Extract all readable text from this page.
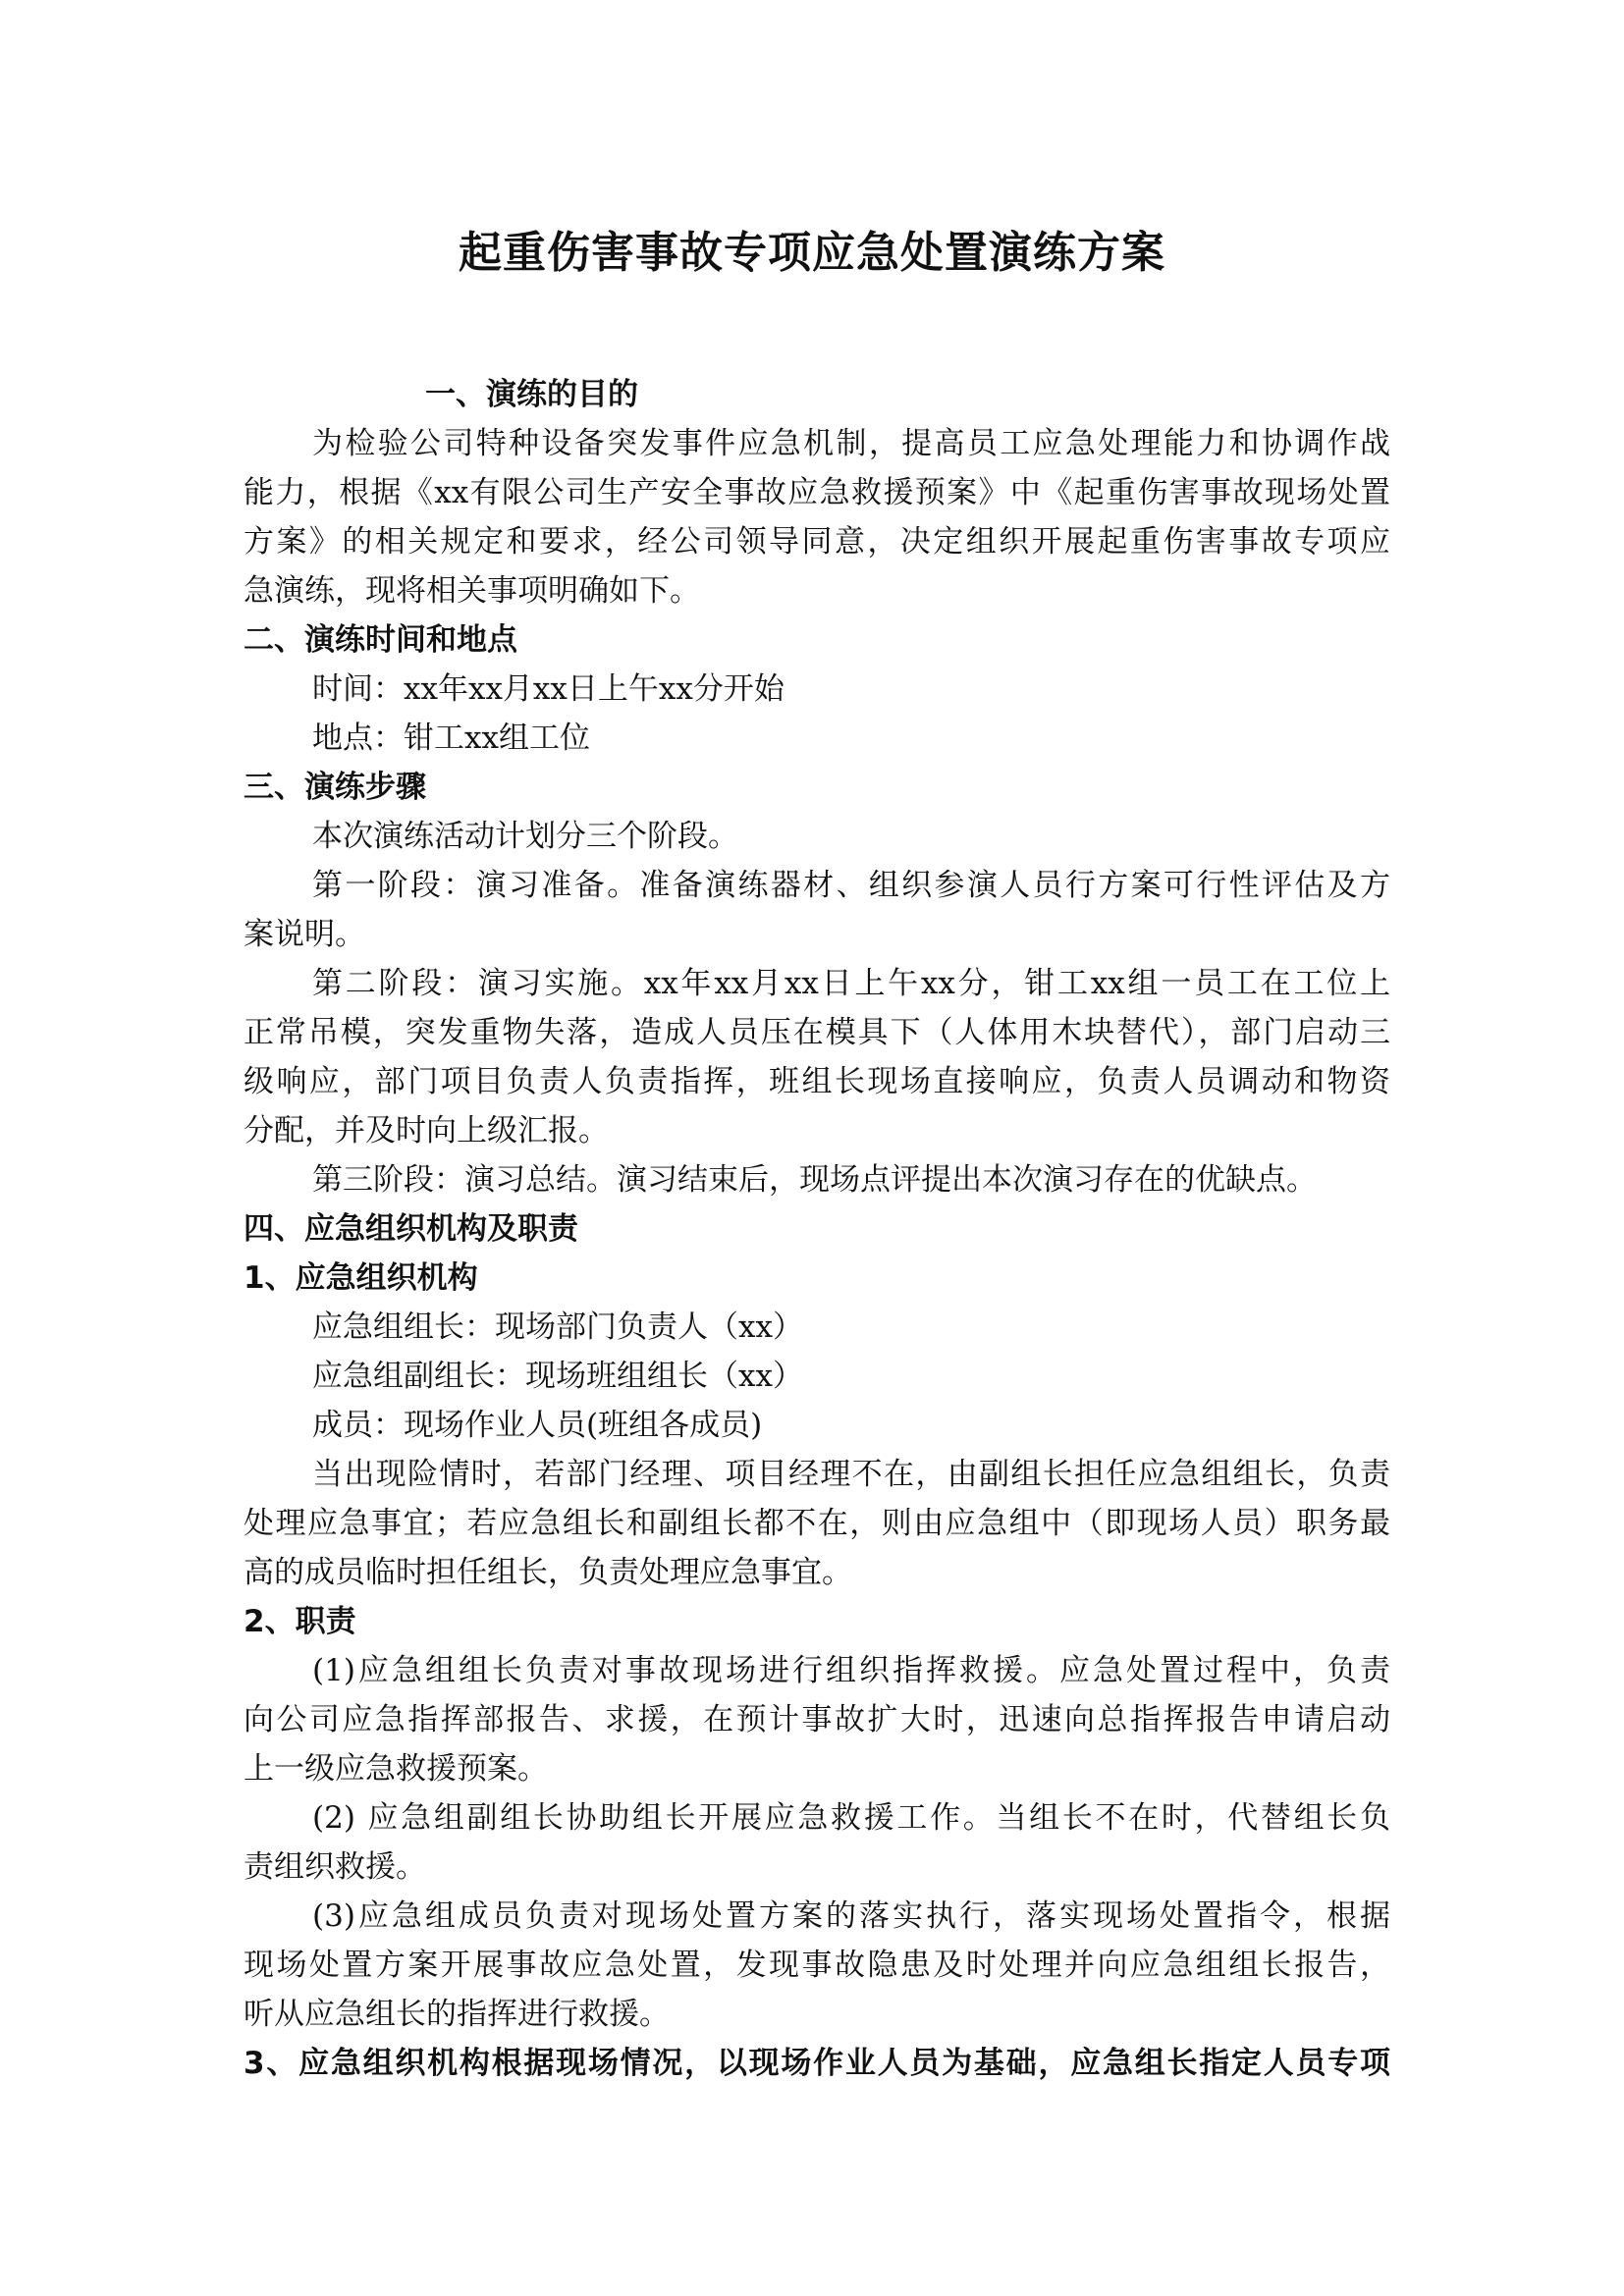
起重伤害事故专项应急处置演练方案
一、演练的目的
为检验公司特种设备突发事件应急机制，提高员工应急处理能力和协调作战
能力，根据《xx有限公司生产安全事故应急救援预案》中《起重伤害事故现场处置
方案》的相关规定和要求，经公司领导同意，决定组织开展起重伤害事故专项应
急演练，现将相关事项明确如下。
二、演练时间和地点
时间：xx年xx月xx日上午xx分开始
地点：钳工xx组工位
三、演练步骤
本次演练活动计划分三个阶段。
第一阶段：演习准备。准备演练器材、组织参演人员行方案可行性评估及方
案说明。
第二阶段：演习实施。xx年xx月xx日上午xx分，钳工xx组一员工在工位上
正常吊模，突发重物失落，造成人员压在模具下（人体用木块替代），部门启动三
级响应，部门项目负责人负责指挥，班组长现场直接响应，负责人员调动和物资
分配，并及时向上级汇报。
第三阶段：演习总结。演习结束后，现场点评提出本次演习存在的优缺点。
四、应急组织机构及职责
1、应急组织机构
应急组组长：现场部门负责人（xx）
应急组副组长：现场班组组长（xx）
成员：现场作业人员(班组各成员)
当出现险情时，若部门经理、项目经理不在，由副组长担任应急组组长，负责
处理应急事宜；若应急组长和副组长都不在，则由应急组中（即现场人员）职务最
高的成员临时担任组长，负责处理应急事宜。
2、职责
(1)应急组组长负责对事故现场进行组织指挥救援。应急处置过程中，负责
向公司应急指挥部报告、求援，在预计事故扩大时，迅速向总指挥报告申请启动
上一级应急救援预案。
(2) 应急组副组长协助组长开展应急救援工作。当组长不在时，代替组长负
责组织救援。
(3)应急组成员负责对现场处置方案的落实执行，落实现场处置指令，根据
现场处置方案开展事故应急处置，发现事故隐患及时处理并向应急组组长报告，
听从应急组长的指挥进行救援。
3、应急组织机构根据现场情况，以现场作业人员为基础，应急组长指定人员专项
